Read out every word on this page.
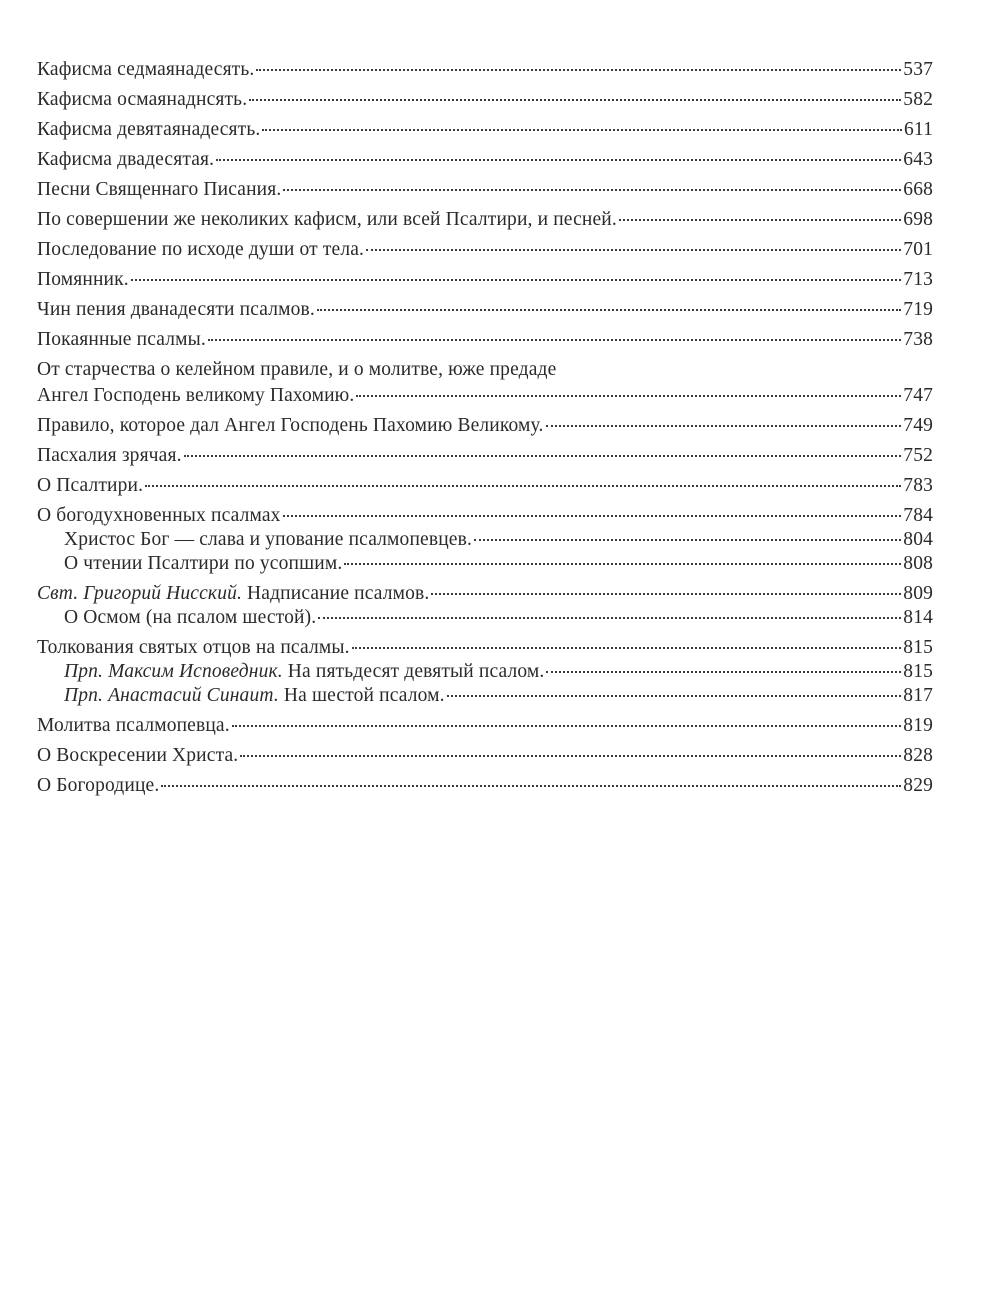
Кафисма седмаянадесять.	537
Кафисма осмаянаднсять.	582
Кафисма девятаянадесять.	611
Кафисма двадесятая.	643
Песни Священнаго Писания.	668
По совершении же неколиких кафисм, или всей Псалтири, и песней.	698
Последование по исходе души от тела.	701
Помянник.	713
Чин пения дванадесяти псалмов.	719
Покаянные псалмы.	738
От старчества о келейном правиле, и о молитве, юже предаде
Ангел Господень великому Пахомию.	747
Правило, которое дал Ангел Господень Пахомию Великому.	749
Пасхалия зрячая.	752
О Псалтири.	783
О богодухновенных псалмах	784
Христос Бог — слава и упование псалмопевцев.	804
О чтении Псалтири по усопшим.	808
Свт. Григорий Нисский. Надписание псалмов.	809
О Осмом (на псалом шестой).	814
Толкования святых отцов на псалмы.	815
Прп. Максим Исповедник. На пятьдесят девятый псалом.	815
Прп. Анастасий Синаит. На шестой псалом.	817
Молитва псалмопевца.	819
О Воскресении Христа.	828
О Богородице.	829
